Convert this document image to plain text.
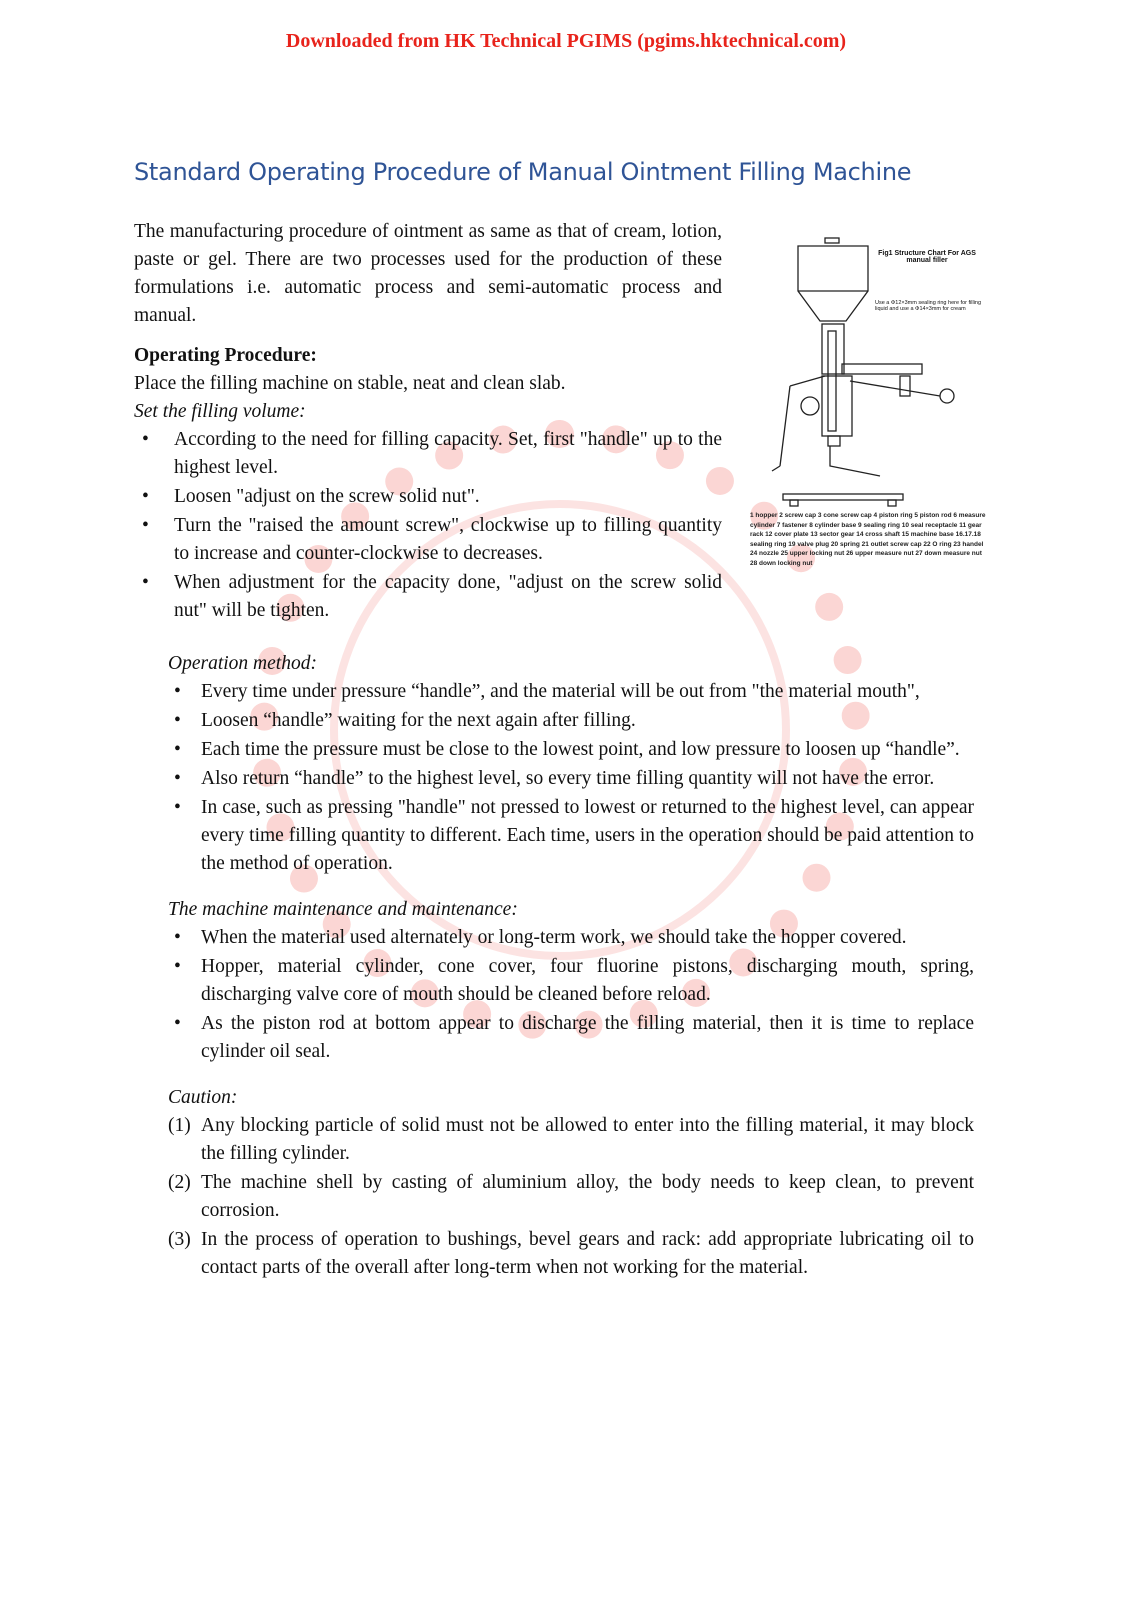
Downloaded from HK Technical PGIMS (pgims.hktechnical.com)
Standard Operating Procedure of Manual Ointment Filling Machine

The manufacturing procedure of ointment as same as that of cream, lotion, paste or gel. There are two processes used for the production of these formulations i.e. automatic process and semi-automatic process and manual.

Operating Procedure:

Place the filling machine on stable, neat and clean slab.

Set the filling volume:

• According to the need for filling capacity. Set, first "handle" up to the highest level.
• Loosen "adjust on the screw solid nut".
• Turn the "raised the amount screw", clockwise up to filling quantity to increase and counter-clockwise to decreases.
• When adjustment for the capacity done, "adjust on the screw solid nut" will be tighten.
Fig1 Structure Chart For AGS manual filler
Use a Φ12×3mm sealing ring here for filling liquid and use a Φ14×3mm for cream
1 hopper 2 screw cap 3 cone screw cap 4 piston ring 5 piston rod 6 measure cylinder 7 fastener 8 cylinder base 9 sealing ring 10 seal receptacle 11 gear rack 12 cover plate 13 sector gear 14 cross shaft 15 machine base 16.17.18 sealing ring 19 valve plug 20 spring 21 outlet screw cap 22 O ring 23 handel 24 nozzle 25 upper locking nut 26 upper measure nut 27 down measure nut 28 down locking nut

Operation method:

• Every time under pressure “handle”, and the material will be out from "the material mouth",
• Loosen “handle” waiting for the next again after filling.
• Each time the pressure must be close to the lowest point, and low pressure to loosen up “handle”.
• Also return “handle” to the highest level, so every time filling quantity will not have the error.
• In case, such as pressing "handle" not pressed to lowest or returned to the highest level, can appear every time filling quantity to different. Each time, users in the operation should be paid attention to the method of operation.

The machine maintenance and maintenance:

• When the material used alternately or long-term work, we should take the hopper covered.
• Hopper, material cylinder, cone cover, four fluorine pistons, discharging mouth, spring, discharging valve core of mouth should be cleaned before reload.
• As the piston rod at bottom appear to discharge the filling material, then it is time to replace cylinder oil seal.

Caution:

(1) Any blocking particle of solid must not be allowed to enter into the filling material, it may block the filling cylinder.
(2) The machine shell by casting of aluminium alloy, the body needs to keep clean, to prevent corrosion.
(3) In the process of operation to bushings, bevel gears and rack: add appropriate lubricating oil to contact parts of the overall after long-term when not working for the material.
